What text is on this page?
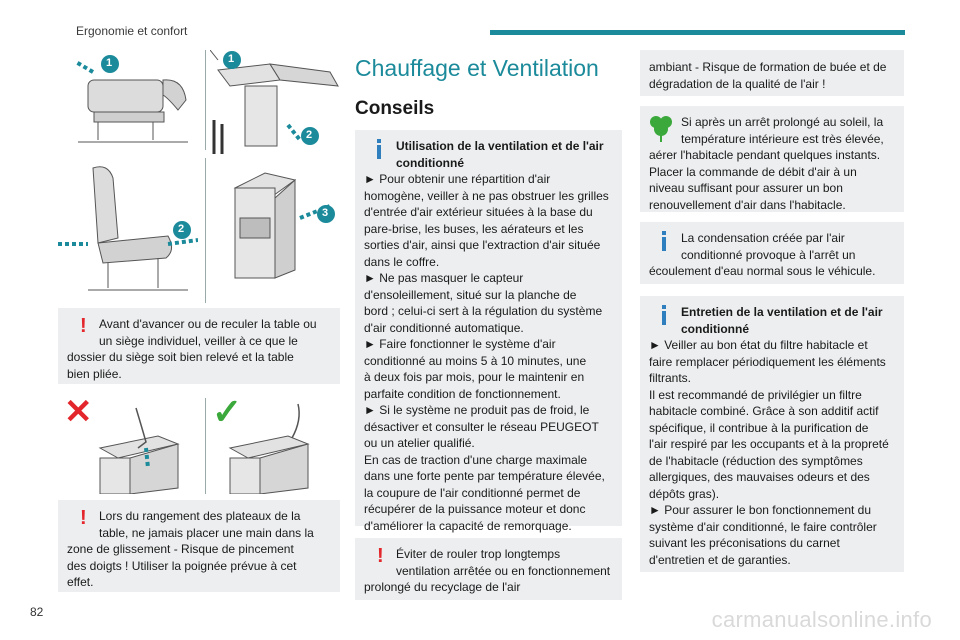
Ergonomie et confort
1	1
2
2
3
!	Avant d'avancer ou de reculer la table ou
un siège individuel, veiller à ce que le
dossier du siège soit bien relevé et la table
bien pliée.
✕	✓
!	Lors du rangement des plateaux de la
table, ne jamais placer une main dans la
zone de glissement - Risque de pincement
des doigts ! Utiliser la poignée prévue à cet
effet.
Chauffage et Ventilation
Conseils
Utilisation de la ventilation et de l'air
conditionné
► Pour obtenir une répartition d'air
homogène, veiller à ne pas obstruer les grilles
d'entrée d'air extérieur situées à la base du
pare-brise, les buses, les aérateurs et les
sorties d'air, ainsi que l'extraction d'air située
dans le coffre.
► Ne pas masquer le capteur
d'ensoleillement, situé sur la planche de
bord ; celui-ci sert à la régulation du système
d'air conditionné automatique.
► Faire fonctionner le système d'air
conditionné au moins 5 à 10 minutes, une
à deux fois par mois, pour le maintenir en
parfaite condition de fonctionnement.
► Si le système ne produit pas de froid, le
désactiver et consulter le réseau PEUGEOT
ou un atelier qualifié.
En cas de traction d'une charge maximale
dans une forte pente par température élevée,
la coupure de l'air conditionné permet de
récupérer de la puissance moteur et donc
d'améliorer la capacité de remorquage.
!	Éviter de rouler trop longtemps
ventilation arrêtée ou en fonctionnement
prolongé du recyclage de l'air
ambiant - Risque de formation de buée et de
dégradation de la qualité de l'air !
Si après un arrêt prolongé au soleil, la
température intérieure est très élevée,
aérer l'habitacle pendant quelques instants.
Placer la commande de débit d'air à un
niveau suffisant pour assurer un bon
renouvellement d'air dans l'habitacle.
La condensation créée par l'air
conditionné provoque à l'arrêt un
écoulement d'eau normal sous le véhicule.
Entretien de la ventilation et de l'air
conditionné
► Veiller au bon état du filtre habitacle et
faire remplacer périodiquement les éléments
filtrants.
Il est recommandé de privilégier un filtre
habitacle combiné. Grâce à son additif actif
spécifique, il contribue à la purification de
l'air respiré par les occupants et à la propreté
de l'habitacle (réduction des symptômes
allergiques, des mauvaises odeurs et des
dépôts gras).
► Pour assurer le bon fonctionnement du
système d'air conditionné, le faire contrôler
suivant les préconisations du carnet
d'entretien et de garanties.
82	carmanualsonline.info
